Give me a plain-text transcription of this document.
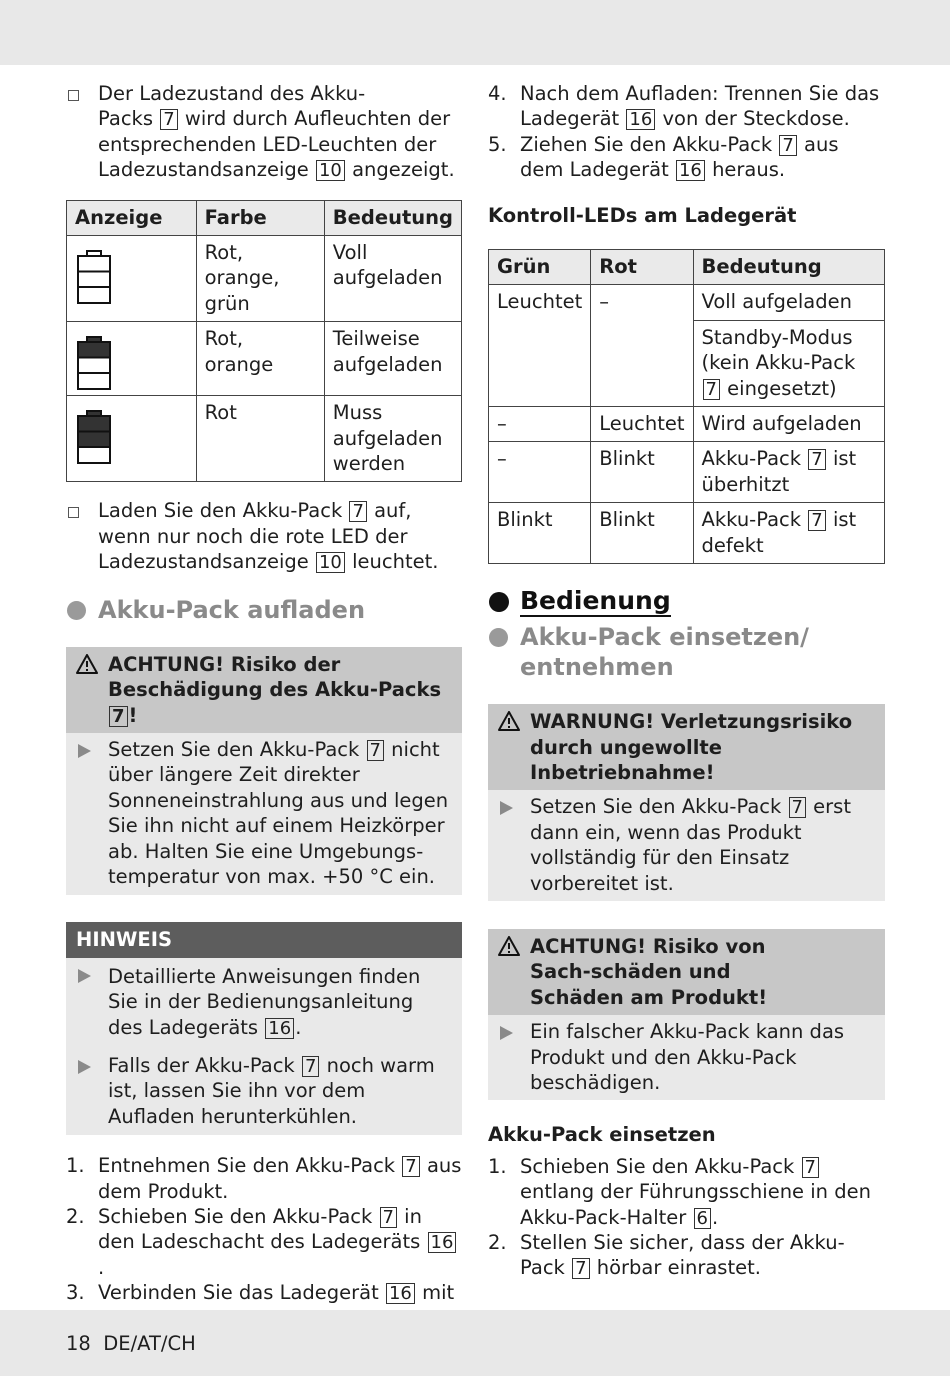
Der Ladezustand des Akku-
Packs 7 wird durch Aufleuchten der entsprechenden LED-Leuchten der Ladezustandsanzeige 10 angezeigt.
Anzeige	Farbe	Bedeutung

	Rot, orange, grün	Voll aufgeladen

	Rot, orange	Teilweise aufgeladen

	Rot	Muss aufgeladen werden
Laden Sie den Akku-Pack 7 auf, wenn nur noch die rote LED der Ladezustandsanzeige 10 leuchtet.
Akku-Pack aufladen
ACHTUNG! Risiko der
Beschädigung des Akku-Packs 7 !
Setzen Sie den Akku-Pack 7 nicht über längere Zeit direkter Sonneneinstrahlung aus und legen Sie ihn nicht auf einem Heizkörper ab. Halten Sie eine Umgebungs-temperatur von max. +50 °C ein.
HINWEIS
Detaillierte Anweisungen finden Sie in der Bedienungsanleitung des Ladegeräts 16 .
Falls der Akku-Pack 7 noch warm ist, lassen Sie ihn vor dem Aufladen herunterkühlen.
1. Entnehmen Sie den Akku-Pack 7 aus dem Produkt.
2. Schieben Sie den Akku-Pack 7 in den Ladeschacht des Ladegeräts 16.
3. Verbinden Sie das Ladegerät 16 mit
4. Nach dem Aufladen: Trennen Sie das Ladegerät 16 von der Steckdose.
5. Ziehen Sie den Akku-Pack 7 aus dem Ladegerät 16 heraus.
Kontroll-LEDs am Ladegerät
Grün	Rot	Bedeutung
Leuchtet	–	Voll aufgeladen
		Standby-Modus (kein Akku-Pack 7 eingesetzt)
–	Leuchtet	Wird aufgeladen
–	Blinkt	Akku-Pack 7 ist überhitzt
Blinkt	Blinkt	Akku-Pack 7 ist defekt
Bedienung
Akku-Pack einsetzen/ entnehmen
WARNUNG! Verletzungsrisiko durch ungewollte Inbetriebnahme!
Setzen Sie den Akku-Pack 7 erst dann ein, wenn das Produkt vollständig für den Einsatz vorbereitet ist.
ACHTUNG! Risiko von Sach-schäden und Schäden am Produkt!
Ein falscher Akku-Pack kann das Produkt und den Akku-Pack beschädigen.
Akku-Pack einsetzen
1. Schieben Sie den Akku-Pack 7 entlang der Führungsschiene in den Akku-Pack-Halter 6 .
2. Stellen Sie sicher, dass der Akku-Pack 7 hörbar einrastet.
18 DE/AT/CH
